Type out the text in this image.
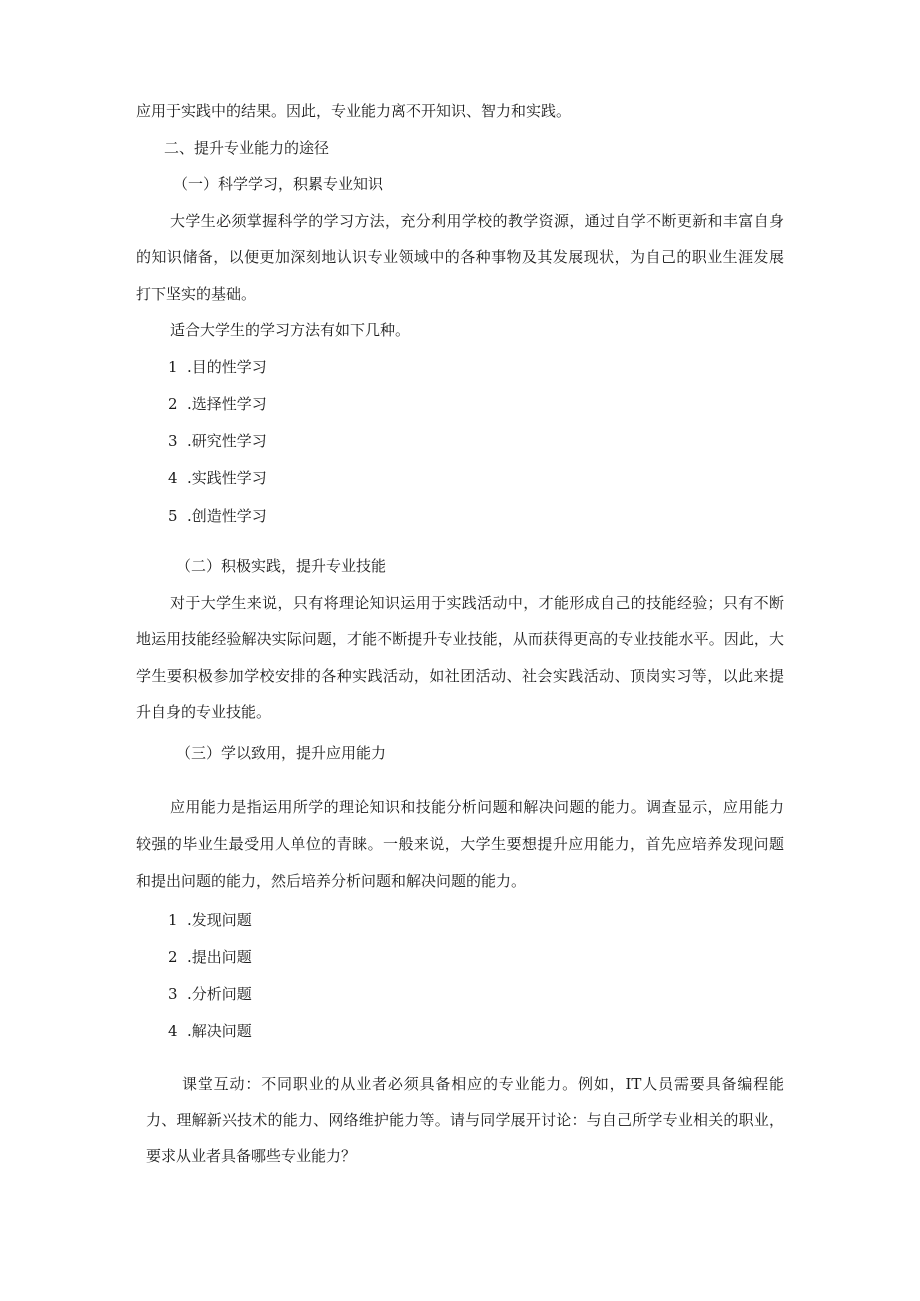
应用于实践中的结果。因此，专业能力离不开知识、智力和实践。

二、提升专业能力的途径

（一）科学学习，积累专业知识

大学生必须掌握科学的学习方法，充分利用学校的教学资源，通过自学不断更新和丰富自身

的知识储备，以便更加深刻地认识专业领域中的各种事物及其发展现状，为自己的职业生涯发展

打下坚实的基础。

适合大学生的学习方法有如下几种。

1 .目的性学习

2 .选择性学习

3 .研究性学习

4 .实践性学习

5 .创造性学习

（二）积极实践，提升专业技能

对于大学生来说，只有将理论知识运用于实践活动中，才能形成自己的技能经验；只有不断

地运用技能经验解决实际问题，才能不断提升专业技能，从而获得更高的专业技能水平。因此，大

学生要积极参加学校安排的各种实践活动，如社团活动、社会实践活动、顶岗实习等，以此来提

升自身的专业技能。

（三）学以致用，提升应用能力

应用能力是指运用所学的理论知识和技能分析问题和解决问题的能力。调查显示，应用能力

较强的毕业生最受用人单位的青睐。一般来说，大学生要想提升应用能力，首先应培养发现问题

和提出问题的能力，然后培养分析问题和解决问题的能力。

1 .发现问题

2 .提出问题

3 .分析问题

4 .解决问题

课堂互动：不同职业的从业者必须具备相应的专业能力。例如，IT人员需要具备编程能

力、理解新兴技术的能力、网络维护能力等。请与同学展开讨论：与自己所学专业相关的职业，

要求从业者具备哪些专业能力？
